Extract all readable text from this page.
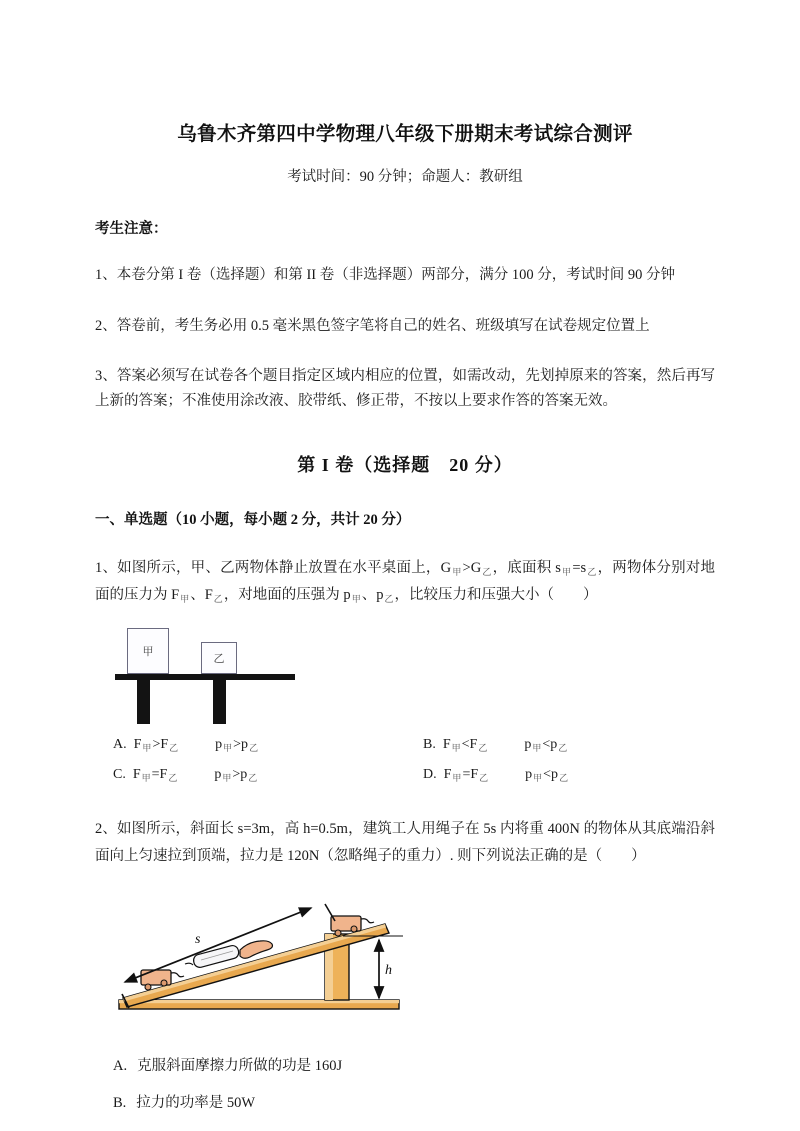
乌鲁木齐第四中学物理八年级下册期末考试综合测评
考试时间：90 分钟；命题人：教研组
考生注意：

1、本卷分第 I 卷（选择题）和第 II 卷（非选择题）两部分，满分 100 分，考试时间 90 分钟

2、答卷前，考生务必用 0.5 毫米黑色签字笔将自己的姓名、班级填写在试卷规定位置上

3、答案必须写在试卷各个题目指定区域内相应的位置，如需改动，先划掉原来的答案，然后再写上新的答案；不准使用涂改液、胶带纸、修正带，不按以上要求作答的答案无效。

第 I 卷（选择题　20 分）
一、单选题（10 小题，每小题 2 分，共计 20 分）

1、如图所示，甲、乙两物体静止放置在水平桌面上，$G_甲>G_乙$，底面积 $s_甲=s_乙$，两物体分别对地面的压力为 $F_甲$、$F_乙$，对地面的压强为 $p_甲$、$p_乙$，比较压力和压强大小（　　）

甲
乙
A. $F_甲>F_乙$	$p_甲>p_乙$	B. $F_甲<F_乙$	$p_甲<p_乙$
C. $F_甲=F_乙$	$p_甲>p_乙$	D. $F_甲=F_乙$	$p_甲<p_乙$

2、如图所示，斜面长 s=3m，高 h=0.5m，建筑工人用绳子在 5s 内将重 400N 的物体从其底端沿斜面向上匀速拉到顶端，拉力是 120N（忽略绳子的重力）. 则下列说法正确的是（　　）

s
h
A. 克服斜面摩擦力所做的功是 160J
B. 拉力的功率是 50W
